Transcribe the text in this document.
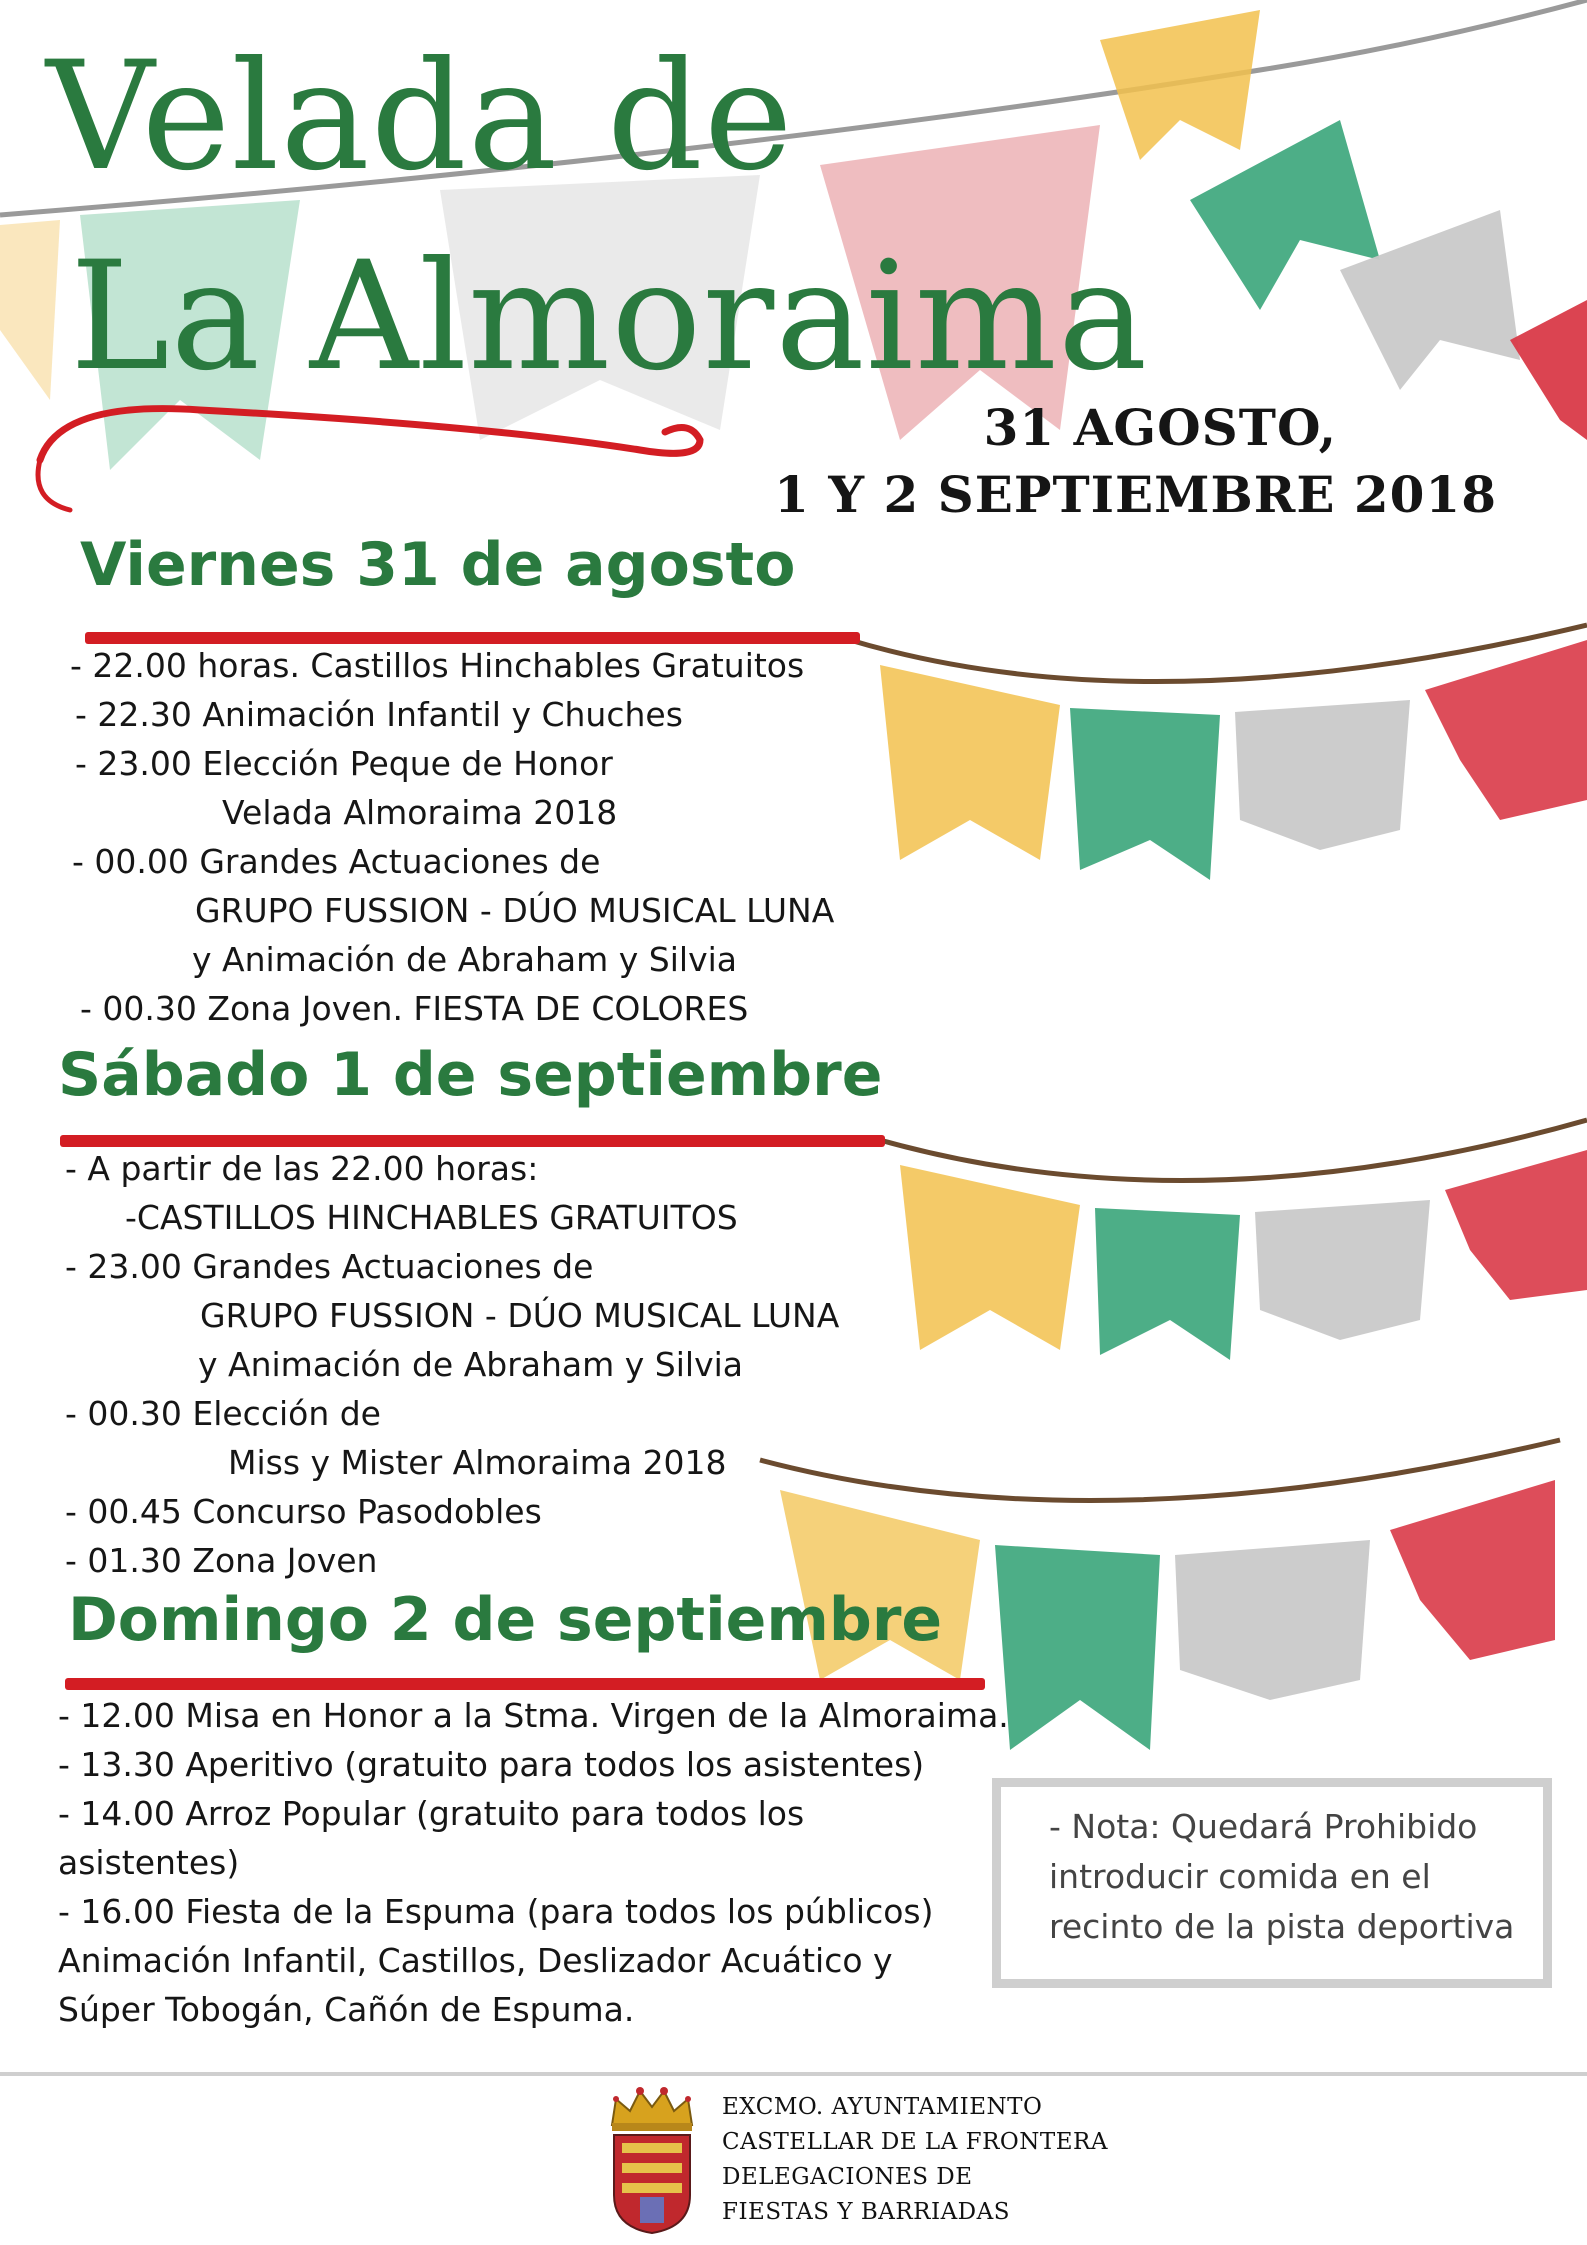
Velada de
La Almoraima
31 AGOSTO,
1 Y 2 SEPTIEMBRE 2018
Viernes 31 de agosto
- 22.00 horas. Castillos Hinchables Gratuitos
- 22.30 Animación Infantil y Chuches
- 23.00 Elección Peque de Honor
Velada Almoraima 2018
- 00.00 Grandes Actuaciones de
GRUPO FUSSION - DÚO MUSICAL LUNA
y Animación de Abraham y Silvia
- 00.30 Zona Joven. FIESTA DE COLORES
Sábado 1 de septiembre
- A partir de las 22.00 horas:
-CASTILLOS HINCHABLES GRATUITOS
- 23.00 Grandes Actuaciones de
GRUPO FUSSION - DÚO MUSICAL LUNA
y Animación de Abraham y Silvia
- 00.30 Elección de
Miss y Mister Almoraima 2018
- 00.45 Concurso Pasodobles
- 01.30 Zona Joven
Domingo 2 de septiembre
- 12.00 Misa en Honor a la Stma. Virgen de la Almoraima.
- 13.30 Aperitivo (gratuito para todos los asistentes)
- 14.00 Arroz Popular (gratuito para todos los
asistentes)
- 16.00 Fiesta de la Espuma (para todos los públicos)
Animación Infantil, Castillos, Deslizador Acuático y
Súper Tobogán, Cañón de Espuma.
- Nota: Quedará Prohibido
introducir comida en el
recinto de la pista deportiva
EXCMO. AYUNTAMIENTO
CASTELLAR DE LA FRONTERA
DELEGACIONES DE
FIESTAS Y BARRIADAS
